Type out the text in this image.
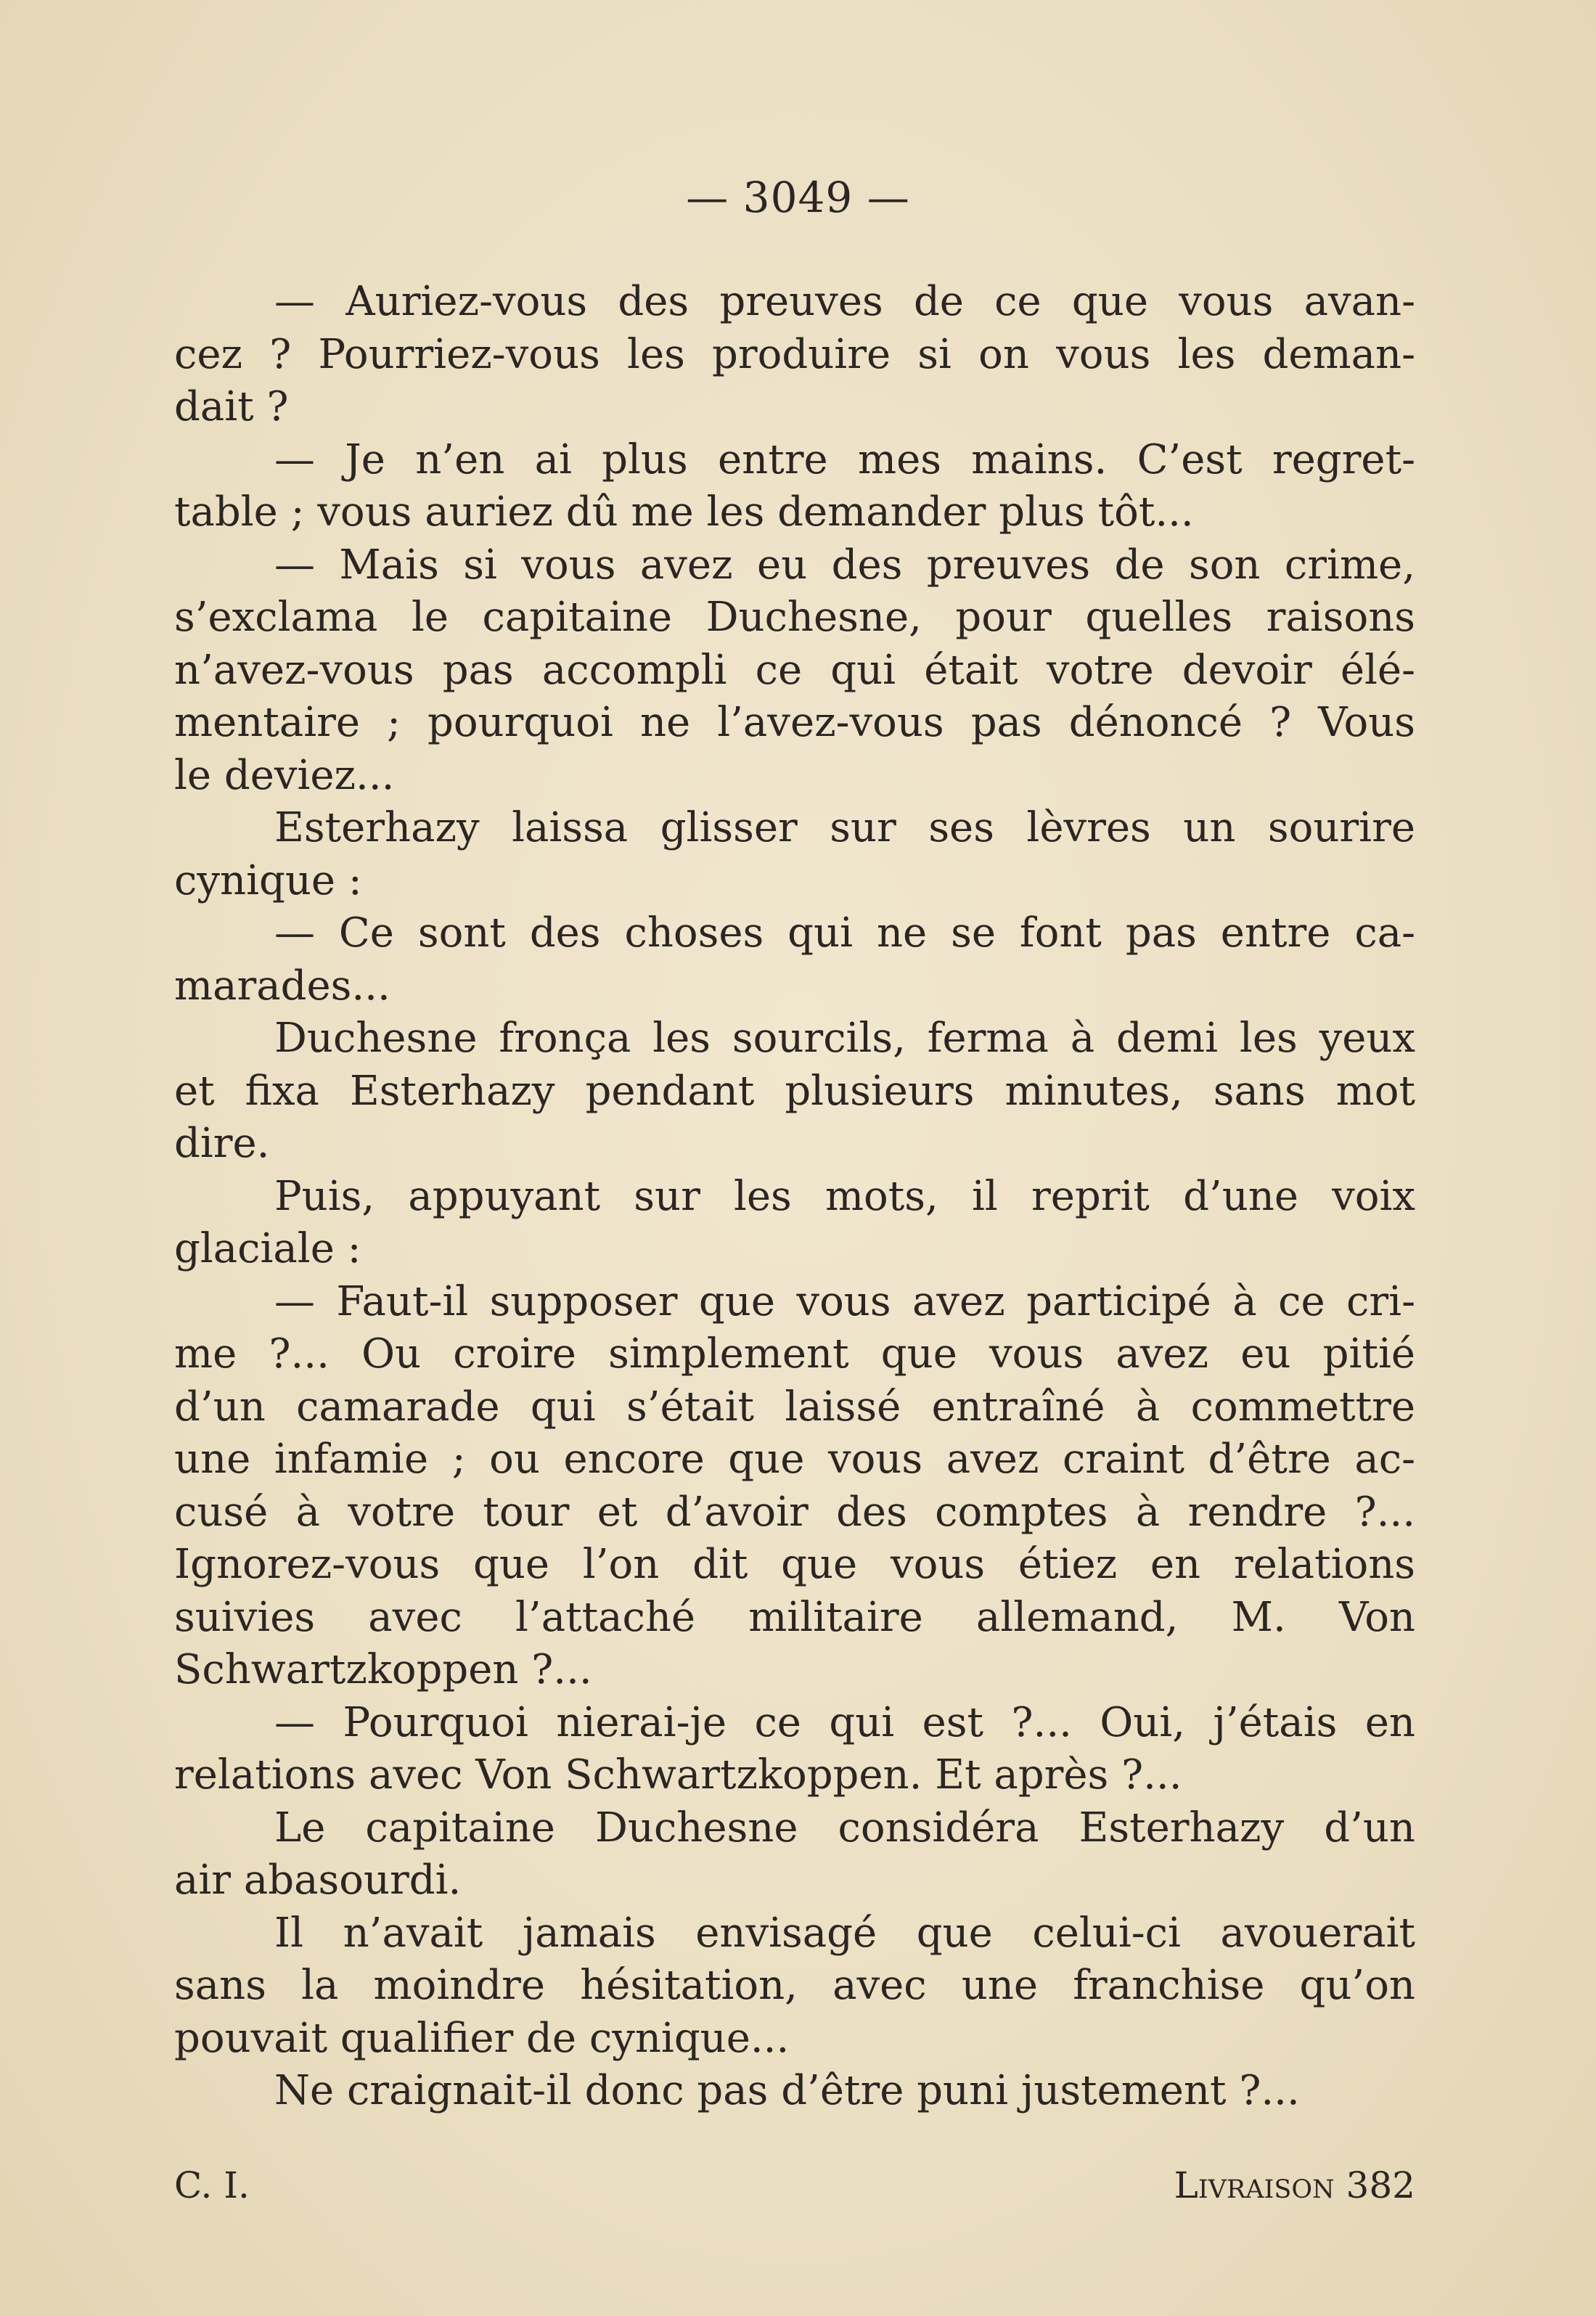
— 3049 —
— Auriez-vous des preuves de ce que vous avan-
cez ? Pourriez-vous les produire si on vous les deman-
dait ?
— Je n’en ai plus entre mes mains. C’est regret-
table ; vous auriez dû me les demander plus tôt...
— Mais si vous avez eu des preuves de son crime,
s’exclama le capitaine Duchesne, pour quelles raisons
n’avez-vous pas accompli ce qui était votre devoir élé-
mentaire ; pourquoi ne l’avez-vous pas dénoncé ? Vous
le deviez...
Esterhazy laissa glisser sur ses lèvres un sourire
cynique :
— Ce sont des choses qui ne se font pas entre ca-
marades...
Duchesne fronça les sourcils, ferma à demi les yeux
et fixa Esterhazy pendant plusieurs minutes, sans mot
dire.
Puis, appuyant sur les mots, il reprit d’une voix
glaciale :
— Faut-il supposer que vous avez participé à ce cri-
me ?... Ou croire simplement que vous avez eu pitié
d’un camarade qui s’était laissé entraîné à commettre
une infamie ; ou encore que vous avez craint d’être ac-
cusé à votre tour et d’avoir des comptes à rendre ?...
Ignorez-vous que l’on dit que vous étiez en relations
suivies avec l’attaché militaire allemand, M. Von
Schwartzkoppen ?...
— Pourquoi nierai-je ce qui est ?... Oui, j’étais en
relations avec Von Schwartzkoppen. Et après ?...
Le capitaine Duchesne considéra Esterhazy d’un
air abasourdi.
Il n’avait jamais envisagé que celui-ci avouerait
sans la moindre hésitation, avec une franchise qu’on
pouvait qualifier de cynique...
Ne craignait-il donc pas d’être puni justement ?...
C. I.	Livraison 382
